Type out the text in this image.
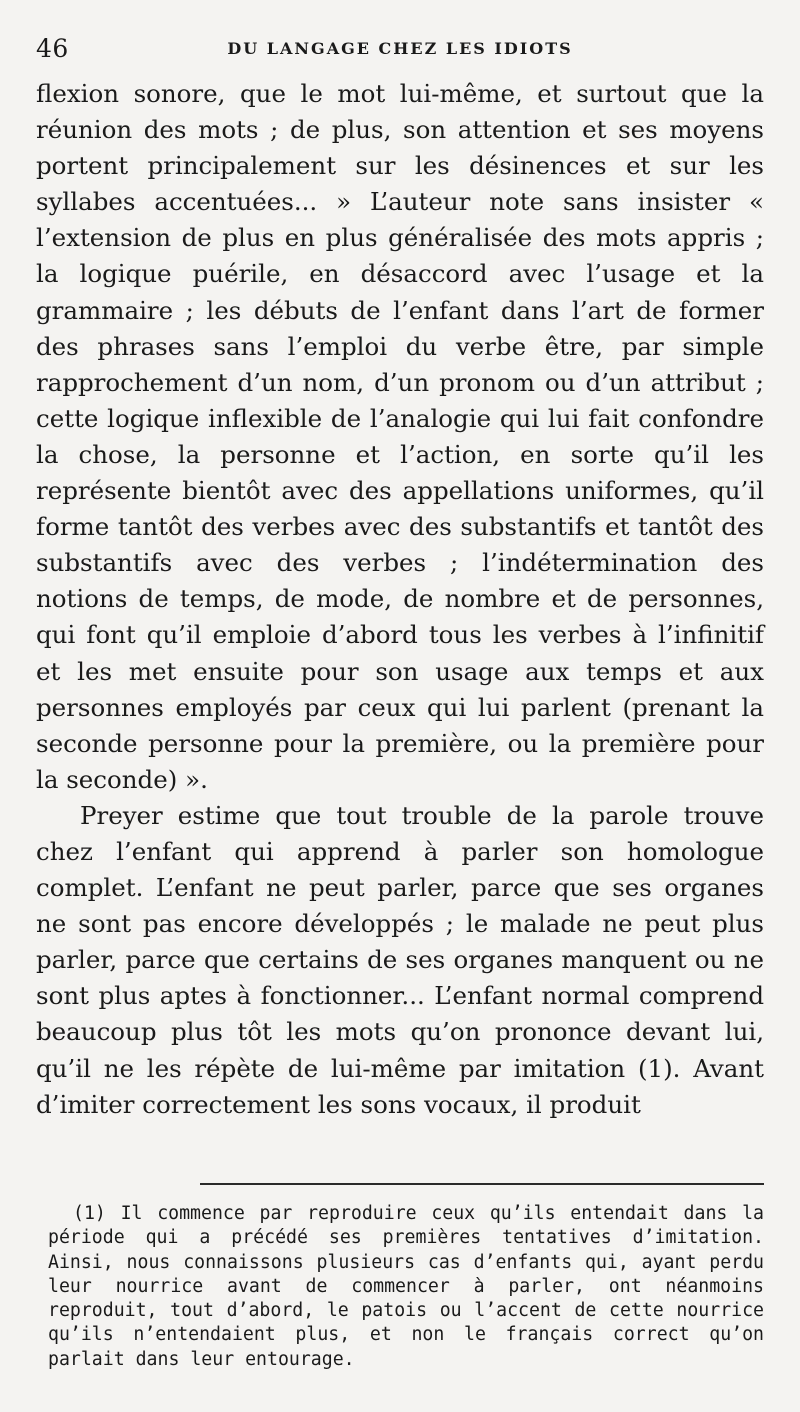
46	DU LANGAGE CHEZ LES IDIOTS

flexion sonore, que le mot lui-même, et surtout que la réunion des mots ; de plus, son attention et ses moyens portent principalement sur les désinences et sur les syllabes accentuées... » L’auteur note sans insister « l’extension de plus en plus généralisée des mots appris ; la logique puérile, en désaccord avec l’usage et la grammaire ; les débuts de l’enfant dans l’art de former des phrases sans l’emploi du verbe être, par simple rapprochement d’un nom, d’un pronom ou d’un attribut ; cette logique inflexible de l’analogie qui lui fait confondre la chose, la personne et l’action, en sorte qu’il les représente bientôt avec des appellations uniformes, qu’il forme tantôt des verbes avec des substantifs et tantôt des substantifs avec des verbes ; l’indétermination des notions de temps, de mode, de nombre et de personnes, qui font qu’il emploie d’abord tous les verbes à l’infinitif et les met ensuite pour son usage aux temps et aux personnes employés par ceux qui lui parlent (prenant la seconde personne pour la première, ou la première pour la seconde) ».

Preyer estime que tout trouble de la parole trouve chez l’enfant qui apprend à parler son homologue complet. L’enfant ne peut parler, parce que ses organes ne sont pas encore développés ; le malade ne peut plus parler, parce que certains de ses organes manquent ou ne sont plus aptes à fonctionner... L’enfant normal comprend beaucoup plus tôt les mots qu’on prononce devant lui, qu’il ne les répète de lui-même par imitation (1). Avant d’imiter correctement les sons vocaux, il produit

(1) Il commence par reproduire ceux qu’ils entendait dans la période qui a précédé ses premières tentatives d’imitation. Ainsi, nous connaissons plusieurs cas d’enfants qui, ayant perdu leur nourrice avant de commencer à parler, ont néanmoins reproduit, tout d’abord, le patois ou l’accent de cette nourrice qu’ils n’entendaient plus, et non le français correct qu’on parlait dans leur entourage.
